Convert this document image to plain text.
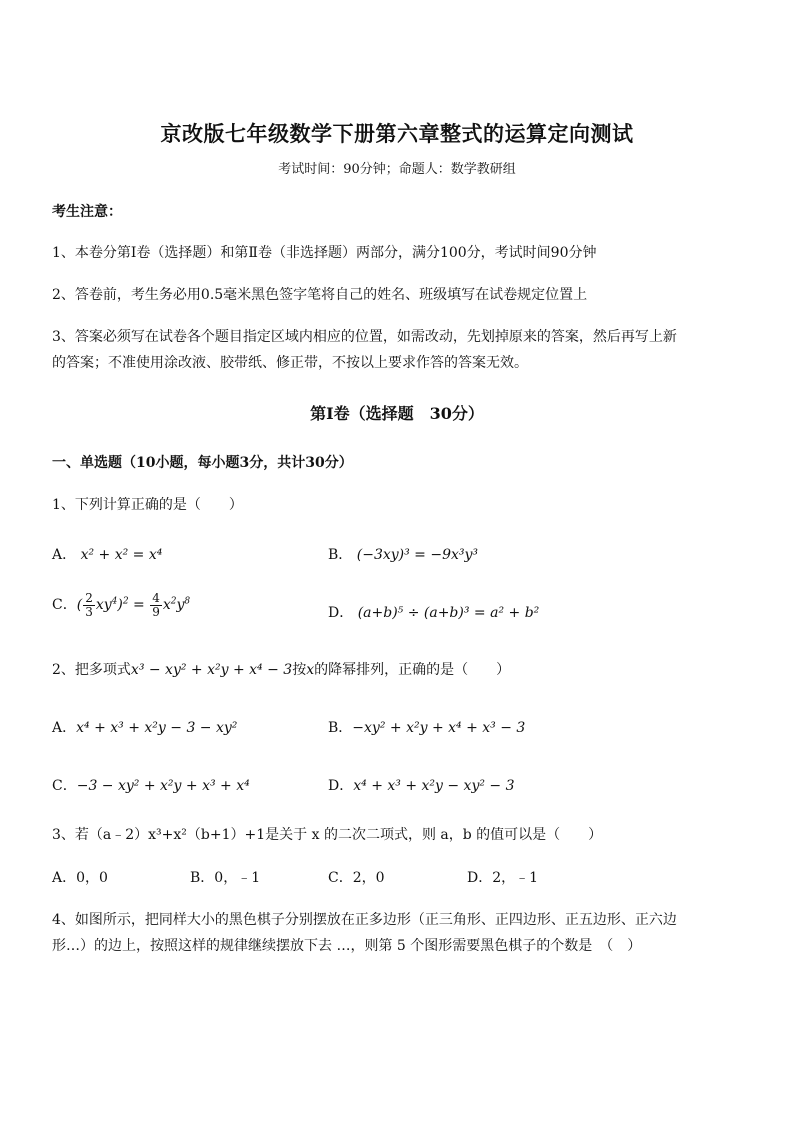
京改版七年级数学下册第六章整式的运算定向测试
考试时间：90分钟；命题人：数学教研组
考生注意：
1、本卷分第Ⅰ卷（选择题）和第Ⅱ卷（非选择题）两部分，满分100分，考试时间90分钟
2、答卷前，考生务必用0.5毫米黑色签字笔将自己的姓名、班级填写在试卷规定位置上
3、答案必须写在试卷各个题目指定区域内相应的位置，如需改动，先划掉原来的答案，然后再写上新
的答案；不准使用涂改液、胶带纸、修正带，不按以上要求作答的答案无效。
第Ⅰ卷（选择题　30分）
一、单选题（10小题，每小题3分，共计30分）
1、下列计算正确的是（　　）
A． x² + x² = x⁴	B． (−3xy)³ = −9x³y³
C．( $\frac{2}{3} xy^4)^2 = \frac{4}{9} x^2y^8$
D． (a+b)⁵ ÷ (a+b)³ = a² + b²
2、把多项式x³ − xy² + x²y + x⁴ − 3按x的降幂排列，正确的是（　　）
A．x⁴ + x³ + x²y − 3 − xy²	B．−xy² + x²y + x⁴ + x³ − 3
C．−3 − xy² + x²y + x³ + x⁴	D．x⁴ + x³ + x²y − xy² − 3
3、若（a﹣2）x³+x²（b+1）+1是关于 x 的二次二项式，则 a，b 的值可以是（　　）
A．0，0	B．0，﹣1	C．2，0	D．2，﹣1
4、如图所示，把同样大小的黑色棋子分别摆放在正多边形（正三角形、正四边形、正五边形、正六边
形…）的边上，按照这样的规律继续摆放下去 …，则第 5 个图形需要黑色棋子的个数是　（　）
